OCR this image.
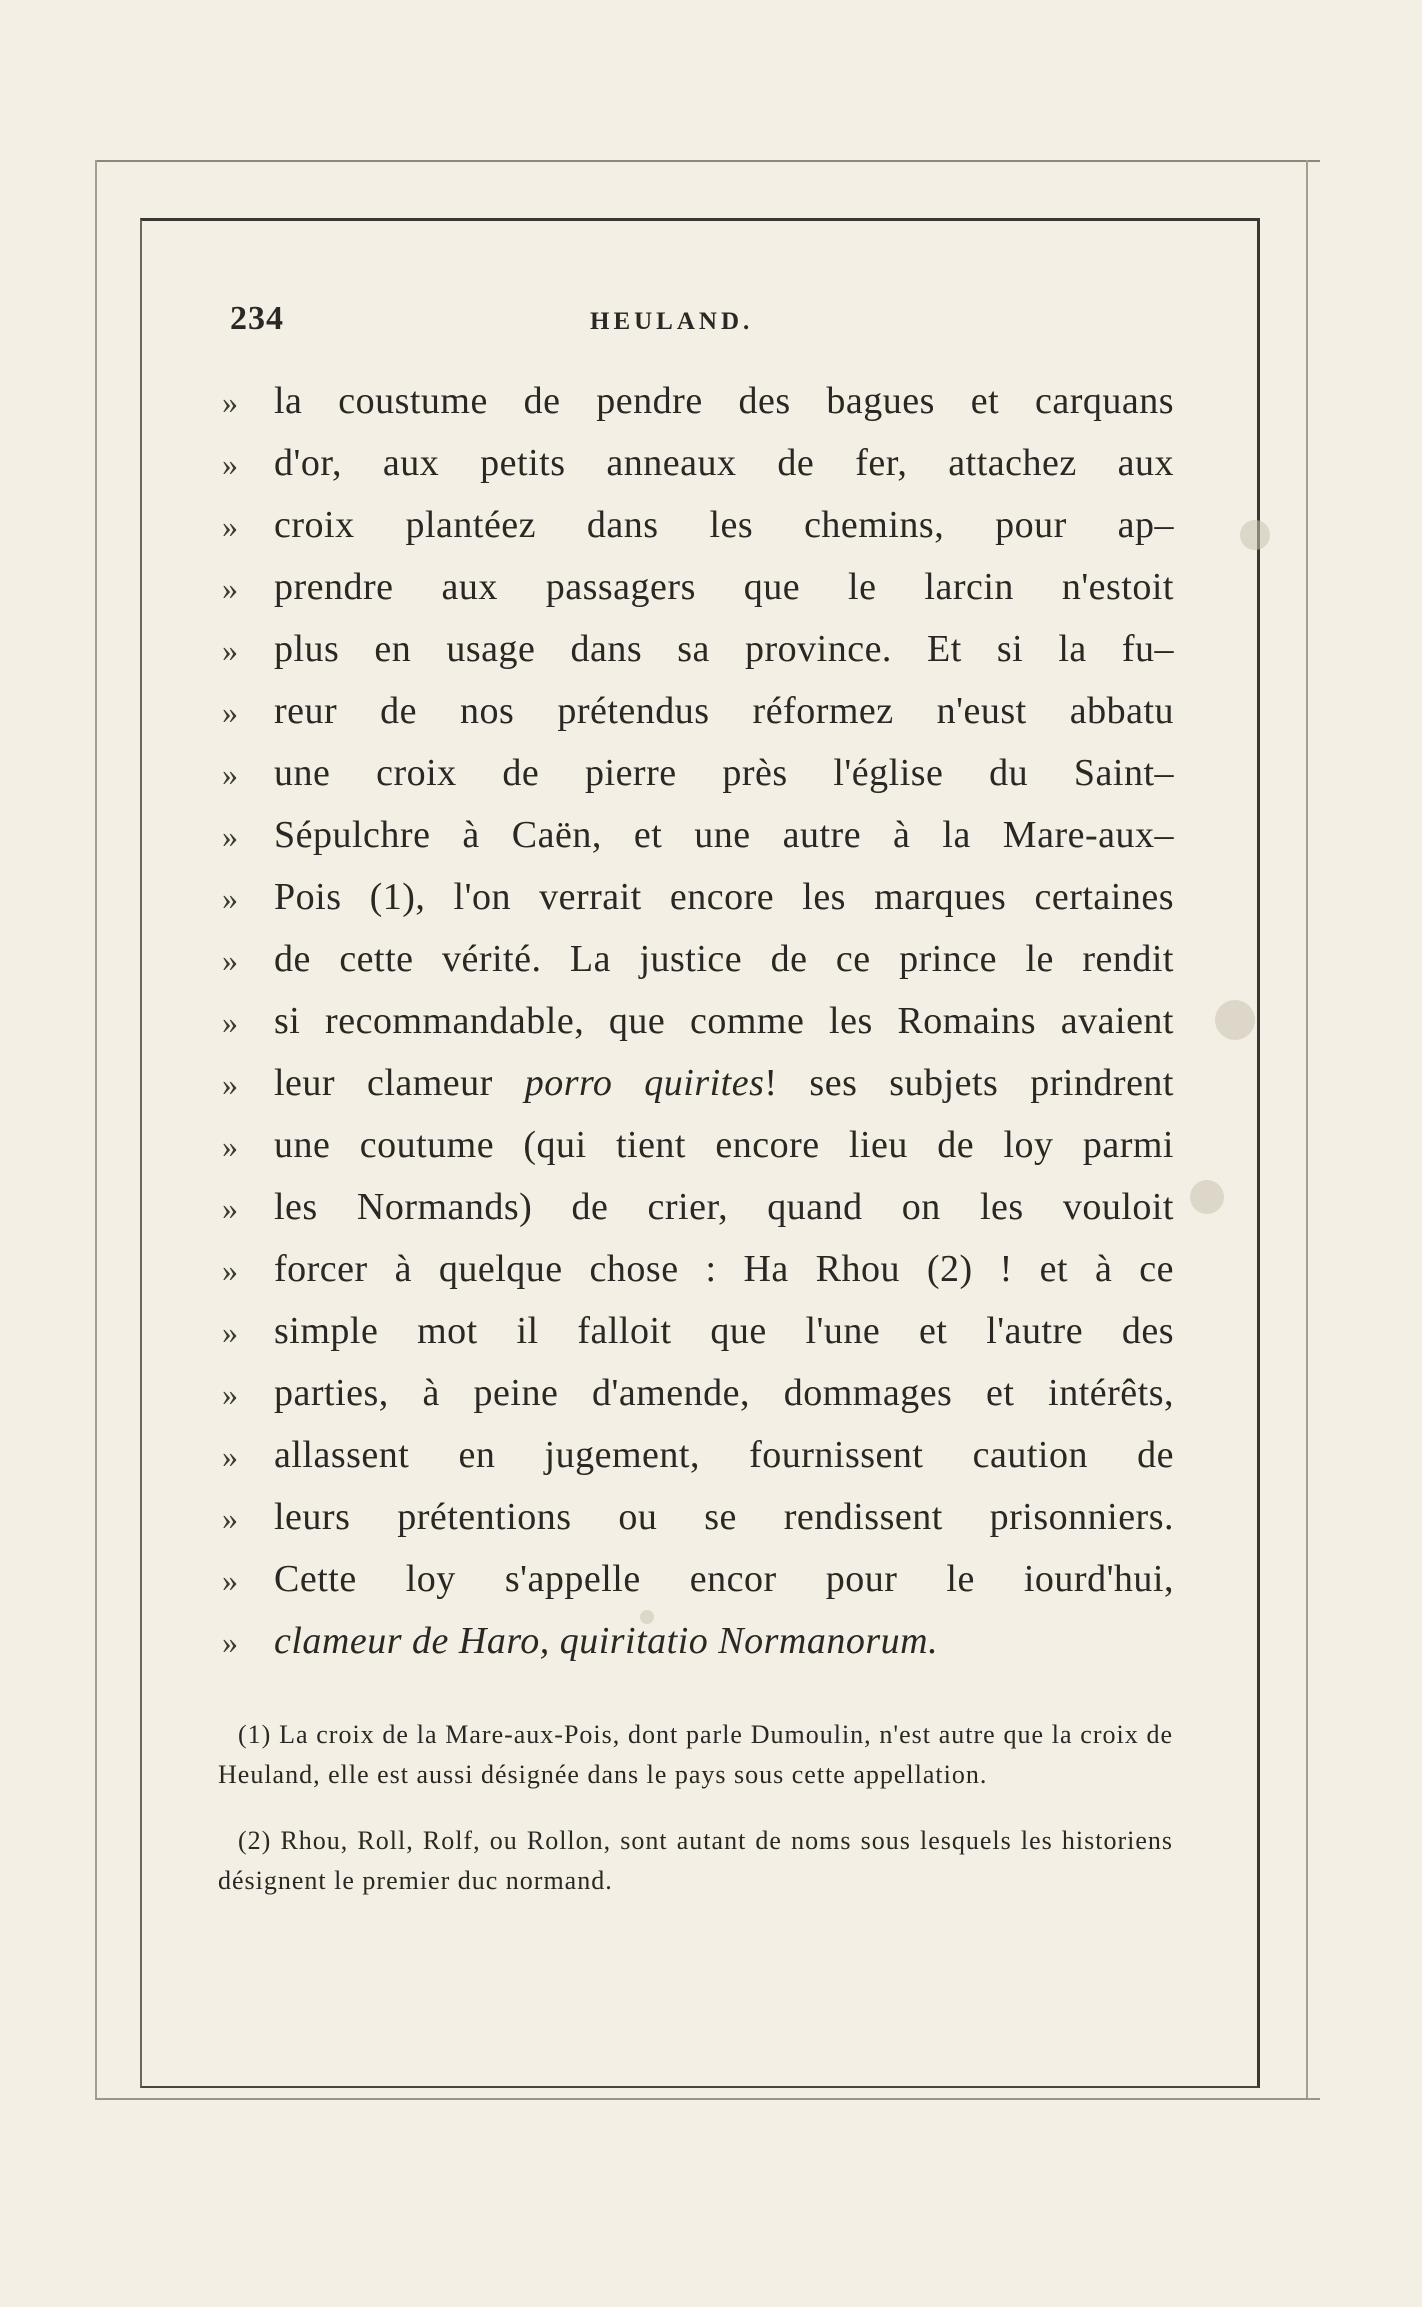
234	HEULAND.
» la coustume de pendre des bagues et carquans
» d'or, aux petits anneaux de fer, attachez aux
» croix plantéez dans les chemins, pour ap–
» prendre aux passagers que le larcin n'estoit
» plus en usage dans sa province. Et si la fu–
» reur de nos prétendus réformez n'eust abbatu
» une croix de pierre près l'église du Saint–
» Sépulchre à Caën, et une autre à la Mare-aux–
» Pois (1), l'on verrait encore les marques certaines
» de cette vérité. La justice de ce prince le rendit
» si recommandable, que comme les Romains avaient
» leur clameur porro quirites! ses subjets prindrent
» une coutume (qui tient encore lieu de loy parmi
» les Normands) de crier, quand on les vouloit
» forcer à quelque chose : Ha Rhou (2) ! et à ce
» simple mot il falloit que l'une et l'autre des
» parties, à peine d'amende, dommages et intérêts,
» allassent en jugement, fournissent caution de
» leurs prétentions ou se rendissent prisonniers.
» Cette loy s'appelle encor pour le iourd'hui,
» clameur de Haro, quiritatio Normanorum.

(1) La croix de la Mare-aux-Pois, dont parle Dumoulin, n'est autre que la croix de Heuland, elle est aussi désignée dans le pays sous cette appellation.

(2) Rhou, Roll, Rolf, ou Rollon, sont autant de noms sous lesquels les historiens désignent le premier duc normand.
